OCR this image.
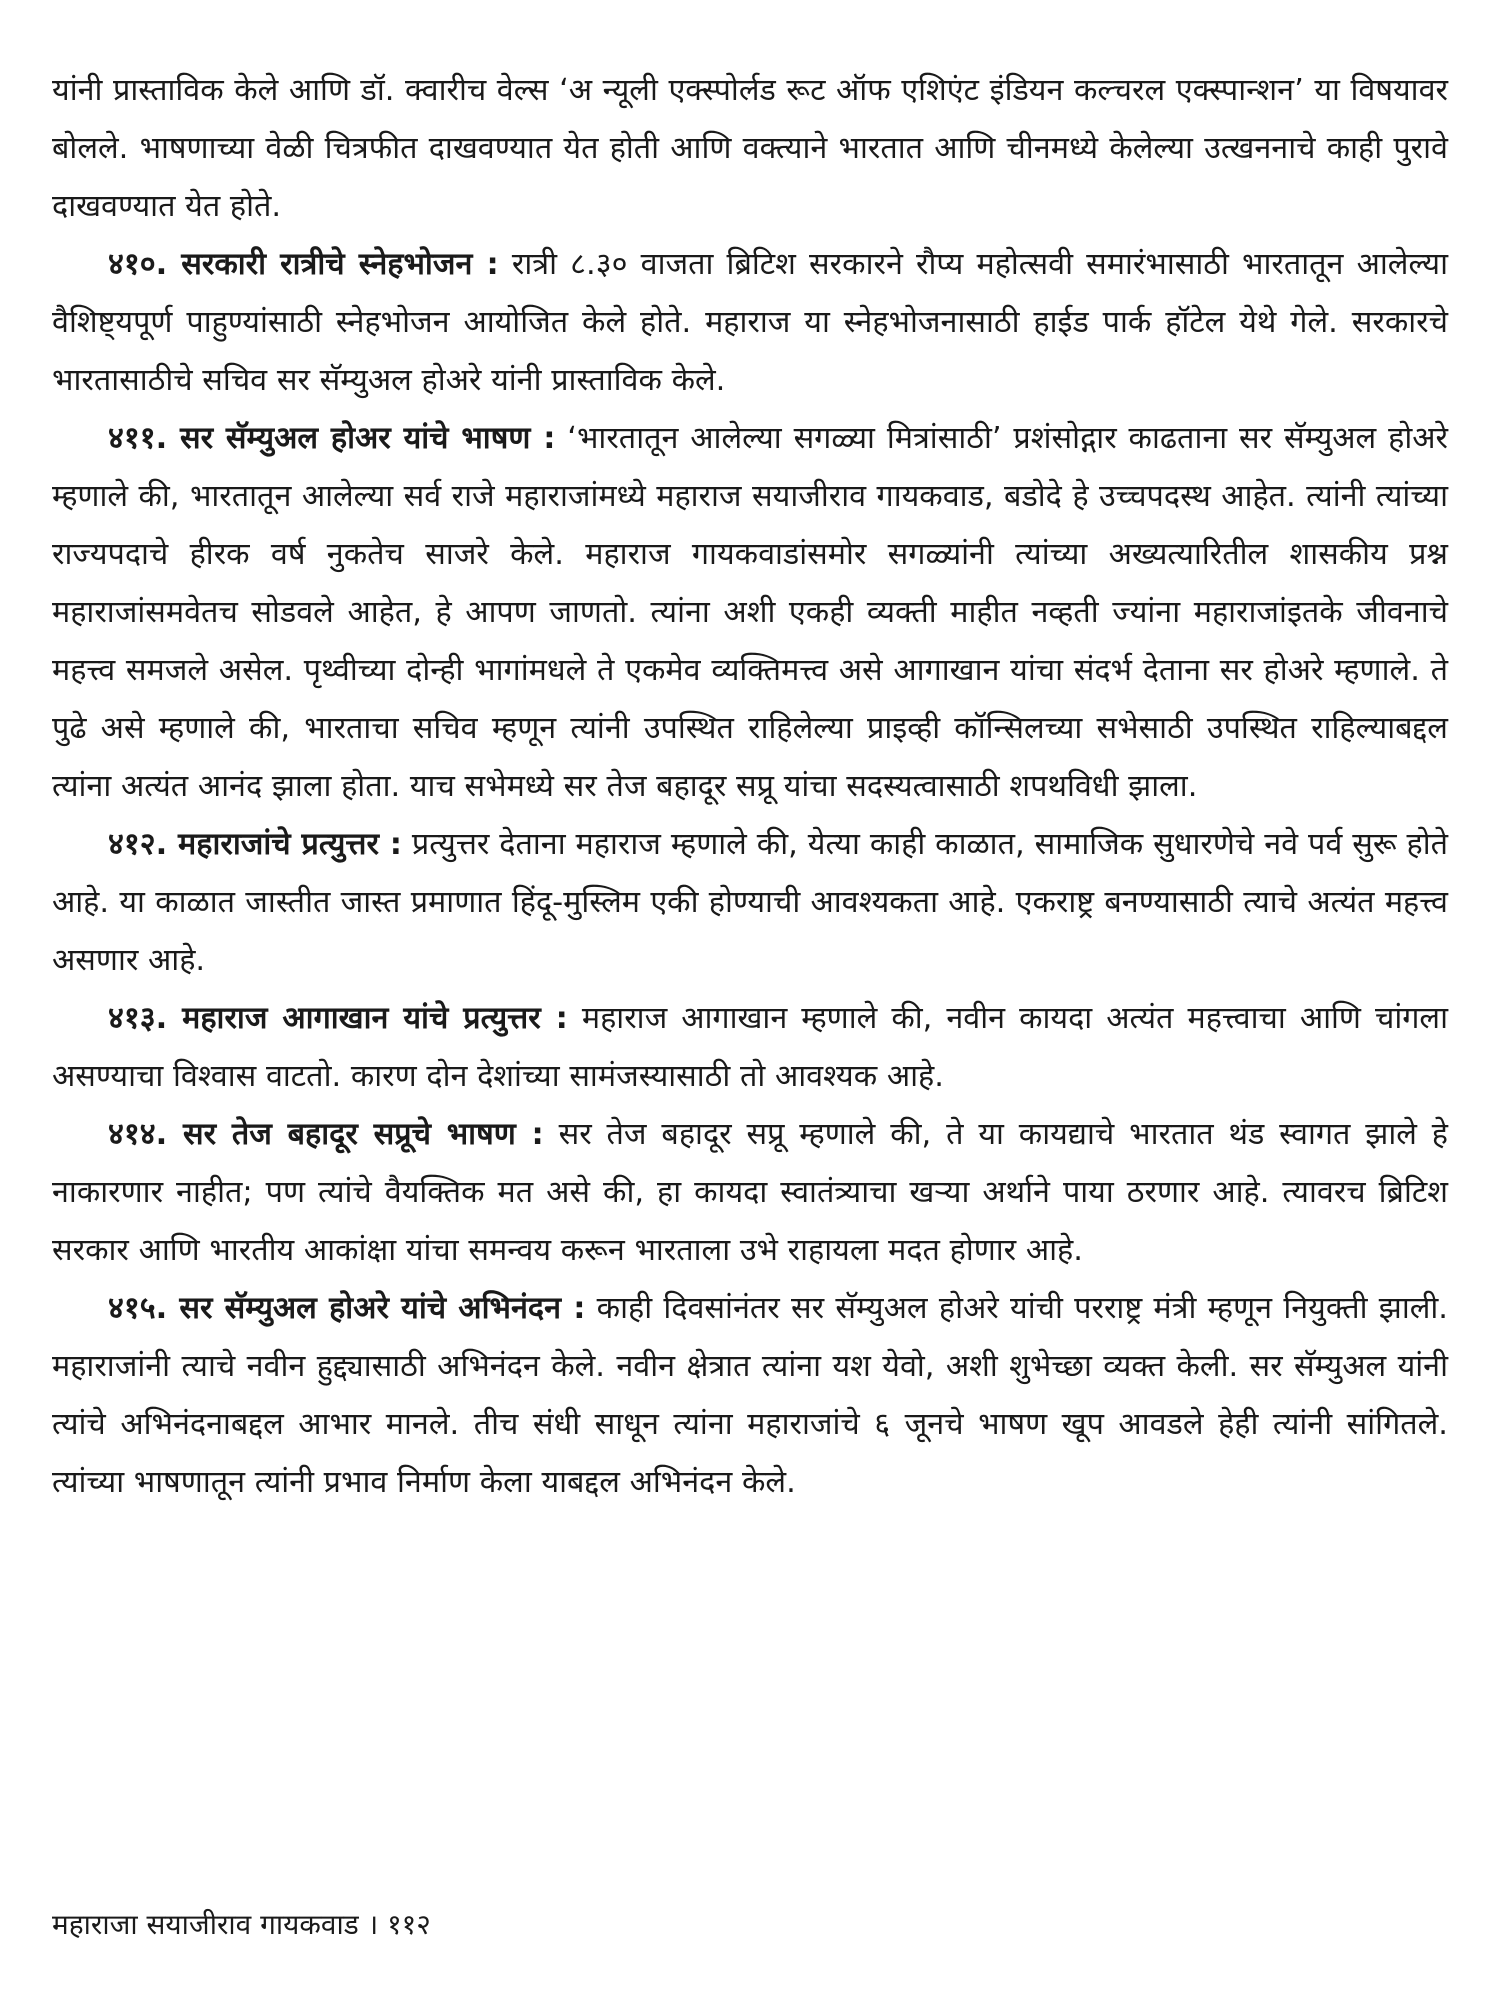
यांनी प्रास्ताविक केले आणि डॉ. क्वारीच वेल्स ‘अ न्यूली एक्स्पोर्लड रूट ऑफ एशिएंट इंडियन कल्चरल एक्स्पान्शन’ या विषयावर बोलले. भाषणाच्या वेळी चित्रफीत दाखवण्यात येत होती आणि वक्त्याने भारतात आणि चीनमध्ये केलेल्या उत्खननाचे काही पुरावे दाखवण्यात येत होते.

४१०. सरकारी रात्रीचे स्नेहभोजन : रात्री ८.३० वाजता ब्रिटिश सरकारने रौप्य महोत्सवी समारंभासाठी भारतातून आलेल्या वैशिष्ट्यपूर्ण पाहुण्यांसाठी स्नेहभोजन आयोजित केले होते. महाराज या स्नेहभोजनासाठी हाईड पार्क हॉटेल येथे गेले. सरकारचे भारतासाठीचे सचिव सर सॅम्युअल होअरे यांनी प्रास्ताविक केले.

४११. सर सॅम्युअल होअर यांचे भाषण : ‘भारतातून आलेल्या सगळ्या मित्रांसाठी’ प्रशंसोद्गार काढताना सर सॅम्युअल होअरे म्हणाले की, भारतातून आलेल्या सर्व राजे महाराजांमध्ये महाराज सयाजीराव गायकवाड, बडोदे हे उच्चपदस्थ आहेत. त्यांनी त्यांच्या राज्यपदाचे हीरक वर्ष नुकतेच साजरे केले. महाराज गायकवाडांसमोर सगळ्यांनी त्यांच्या अख्यत्यारितील शासकीय प्रश्न महाराजांसमवेतच सोडवले आहेत, हे आपण जाणतो. त्यांना अशी एकही व्यक्ती माहीत नव्हती ज्यांना महाराजांइतके जीवनाचे महत्त्व समजले असेल. पृथ्वीच्या दोन्ही भागांमधले ते एकमेव व्यक्तिमत्त्व असे आगाखान यांचा संदर्भ देताना सर होअरे म्हणाले. ते पुढे असे म्हणाले की, भारताचा सचिव म्हणून त्यांनी उपस्थित राहिलेल्या प्राइव्ही कॉन्सिलच्या सभेसाठी उपस्थित राहिल्याबद्दल त्यांना अत्यंत आनंद झाला होता. याच सभेमध्ये सर तेज बहादूर सप्रू यांचा सदस्यत्वासाठी शपथविधी झाला.

४१२. महाराजांचे प्रत्युत्तर : प्रत्युत्तर देताना महाराज म्हणाले की, येत्या काही काळात, सामाजिक सुधारणेचे नवे पर्व सुरू होते आहे. या काळात जास्तीत जास्त प्रमाणात हिंदू-मुस्लिम एकी होण्याची आवश्यकता आहे. एकराष्ट्र बनण्यासाठी त्याचे अत्यंत महत्त्व असणार आहे.

४१३. महाराज आगाखान यांचे प्रत्युत्तर : महाराज आगाखान म्हणाले की, नवीन कायदा अत्यंत महत्त्वाचा आणि चांगला असण्याचा विश्वास वाटतो. कारण दोन देशांच्या सामंजस्यासाठी तो आवश्यक आहे.

४१४. सर तेज बहादूर सप्रूचे भाषण : सर तेज बहादूर सप्रू म्हणाले की, ते या कायद्याचे भारतात थंड स्वागत झाले हे नाकारणार नाहीत; पण त्यांचे वैयक्तिक मत असे की, हा कायदा स्वातंत्र्याचा खऱ्या अर्थाने पाया ठरणार आहे. त्यावरच ब्रिटिश सरकार आणि भारतीय आकांक्षा यांचा समन्वय करून भारताला उभे राहायला मदत होणार आहे.

४१५. सर सॅम्युअल होअरे यांचे अभिनंदन : काही दिवसांनंतर सर सॅम्युअल होअरे यांची परराष्ट्र मंत्री म्हणून नियुक्ती झाली. महाराजांनी त्याचे नवीन हुद्द्यासाठी अभिनंदन केले. नवीन क्षेत्रात त्यांना यश येवो, अशी शुभेच्छा व्यक्त केली. सर सॅम्युअल यांनी त्यांचे अभिनंदनाबद्दल आभार मानले. तीच संधी साधून त्यांना महाराजांचे ६ जूनचे भाषण खूप आवडले हेही त्यांनी सांगितले. त्यांच्या भाषणातून त्यांनी प्रभाव निर्माण केला याबद्दल अभिनंदन केले.

महाराजा सयाजीराव गायकवाड । ११२
